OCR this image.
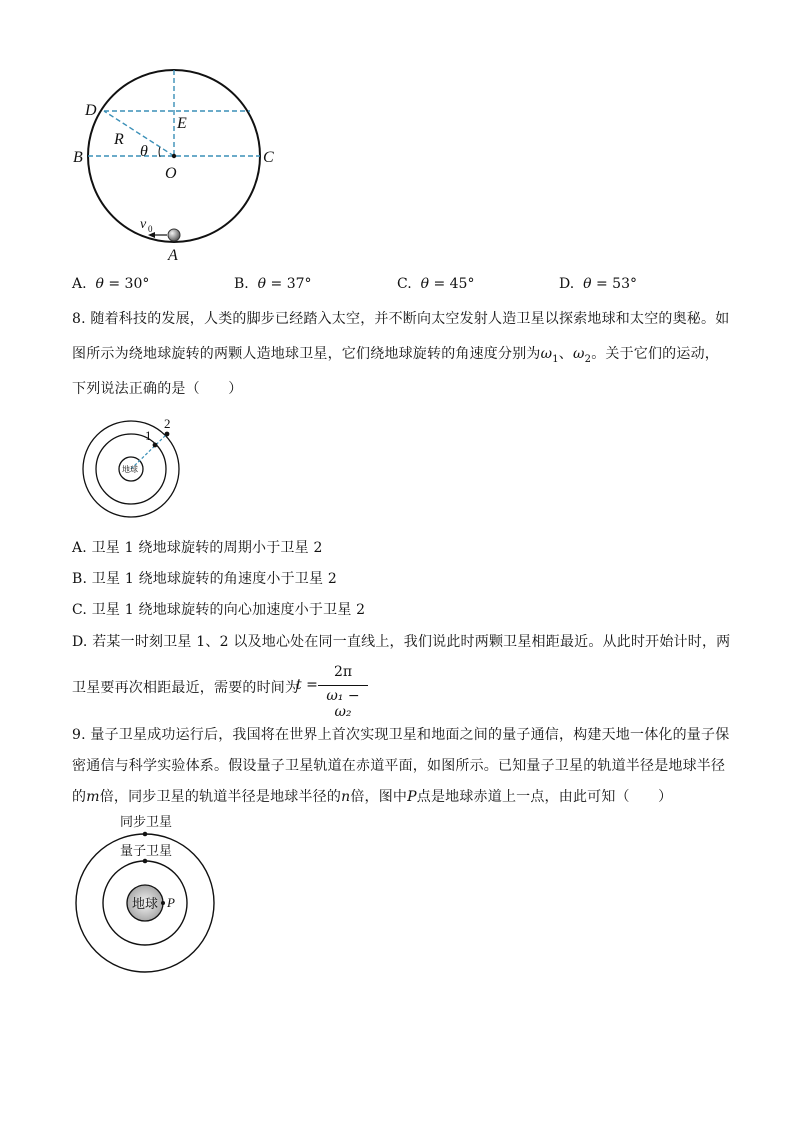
D
E
R
θ
B
O
C
v 0
A
A. θ = 30°	B. θ = 37°	C. θ = 45°	D. θ = 53°
8. 随着科技的发展，人类的脚步已经踏入太空，并不断向太空发射人造卫星以探索地球和太空的奥秘。如
图所示为绕地球旋转的两颗人造地球卫星，它们绕地球旋转的角速度分别为$\omega_1$、$\omega_2$。关于它们的运动，
下列说法正确的是（　　）
地球
1
2
A. 卫星 1 绕地球旋转的周期小于卫星 2
B. 卫星 1 绕地球旋转的角速度小于卫星 2
C. 卫星 1 绕地球旋转的向心加速度小于卫星 2
D. 若某一时刻卫星 1、2 以及地心处在同一直线上，我们说此时两颗卫星相距最近。从此时开始计时，两
卫星要再次相距最近，需要的时间为
t =
2π
ω₁ − ω₂
9. 量子卫星成功运行后，我国将在世界上首次实现卫星和地面之间的量子通信，构建天地一体化的量子保
密通信与科学实验体系。假设量子卫星轨道在赤道平面，如图所示。已知量子卫星的轨道半径是地球半径
的m倍，同步卫星的轨道半径是地球半径的n倍，图中P点是地球赤道上一点，由此可知（　　）
同步卫星
量子卫星
地球 P
